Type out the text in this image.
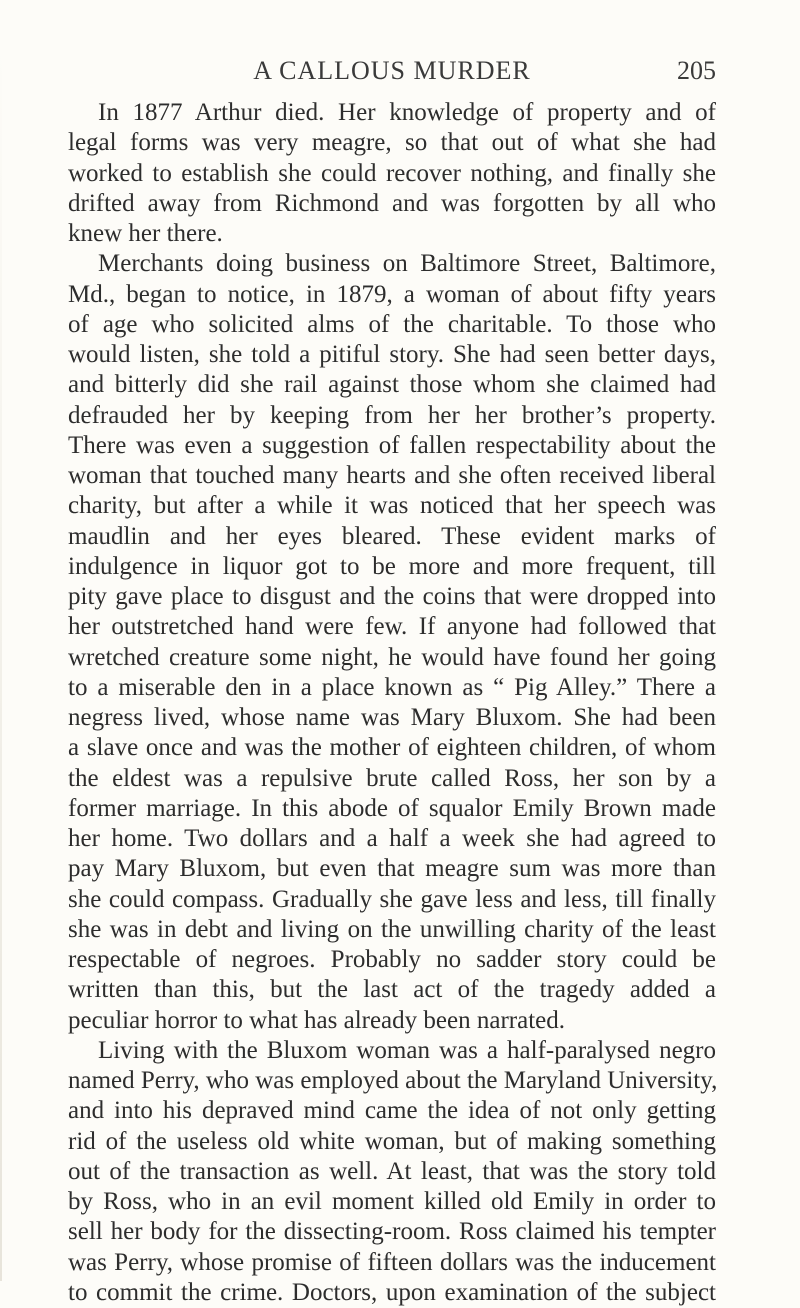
A CALLOUS MURDER	205
In 1877 Arthur died. Her knowledge of property and of
legal forms was very meagre, so that out of what she had
worked to establish she could recover nothing, and finally she
drifted away from Richmond and was forgotten by all who
knew her there.
Merchants doing business on Baltimore Street, Baltimore,
Md., began to notice, in 1879, a woman of about fifty years
of age who solicited alms of the charitable. To those who
would listen, she told a pitiful story. She had seen better days,
and bitterly did she rail against those whom she claimed had
defrauded her by keeping from her her brother’s property.
There was even a suggestion of fallen respectability about the
woman that touched many hearts and she often received liberal
charity, but after a while it was noticed that her speech was
maudlin and her eyes bleared. These evident marks of
indulgence in liquor got to be more and more frequent, till
pity gave place to disgust and the coins that were dropped into
her outstretched hand were few. If anyone had followed that
wretched creature some night, he would have found her going
to a miserable den in a place known as “ Pig Alley.” There a
negress lived, whose name was Mary Bluxom. She had been
a slave once and was the mother of eighteen children, of whom
the eldest was a repulsive brute called Ross, her son by a
former marriage. In this abode of squalor Emily Brown made
her home. Two dollars and a half a week she had agreed to
pay Mary Bluxom, but even that meagre sum was more than
she could compass. Gradually she gave less and less, till finally
she was in debt and living on the unwilling charity of the least
respectable of negroes. Probably no sadder story could be
written than this, but the last act of the tragedy added a
peculiar horror to what has already been narrated.
Living with the Bluxom woman was a half-paralysed negro
named Perry, who was employed about the Maryland University,
and into his depraved mind came the idea of not only getting
rid of the useless old white woman, but of making something
out of the transaction as well. At least, that was the story told
by Ross, who in an evil moment killed old Emily in order to
sell her body for the dissecting-room. Ross claimed his tempter
was Perry, whose promise of fifteen dollars was the inducement
to commit the crime. Doctors, upon examination of the subject
